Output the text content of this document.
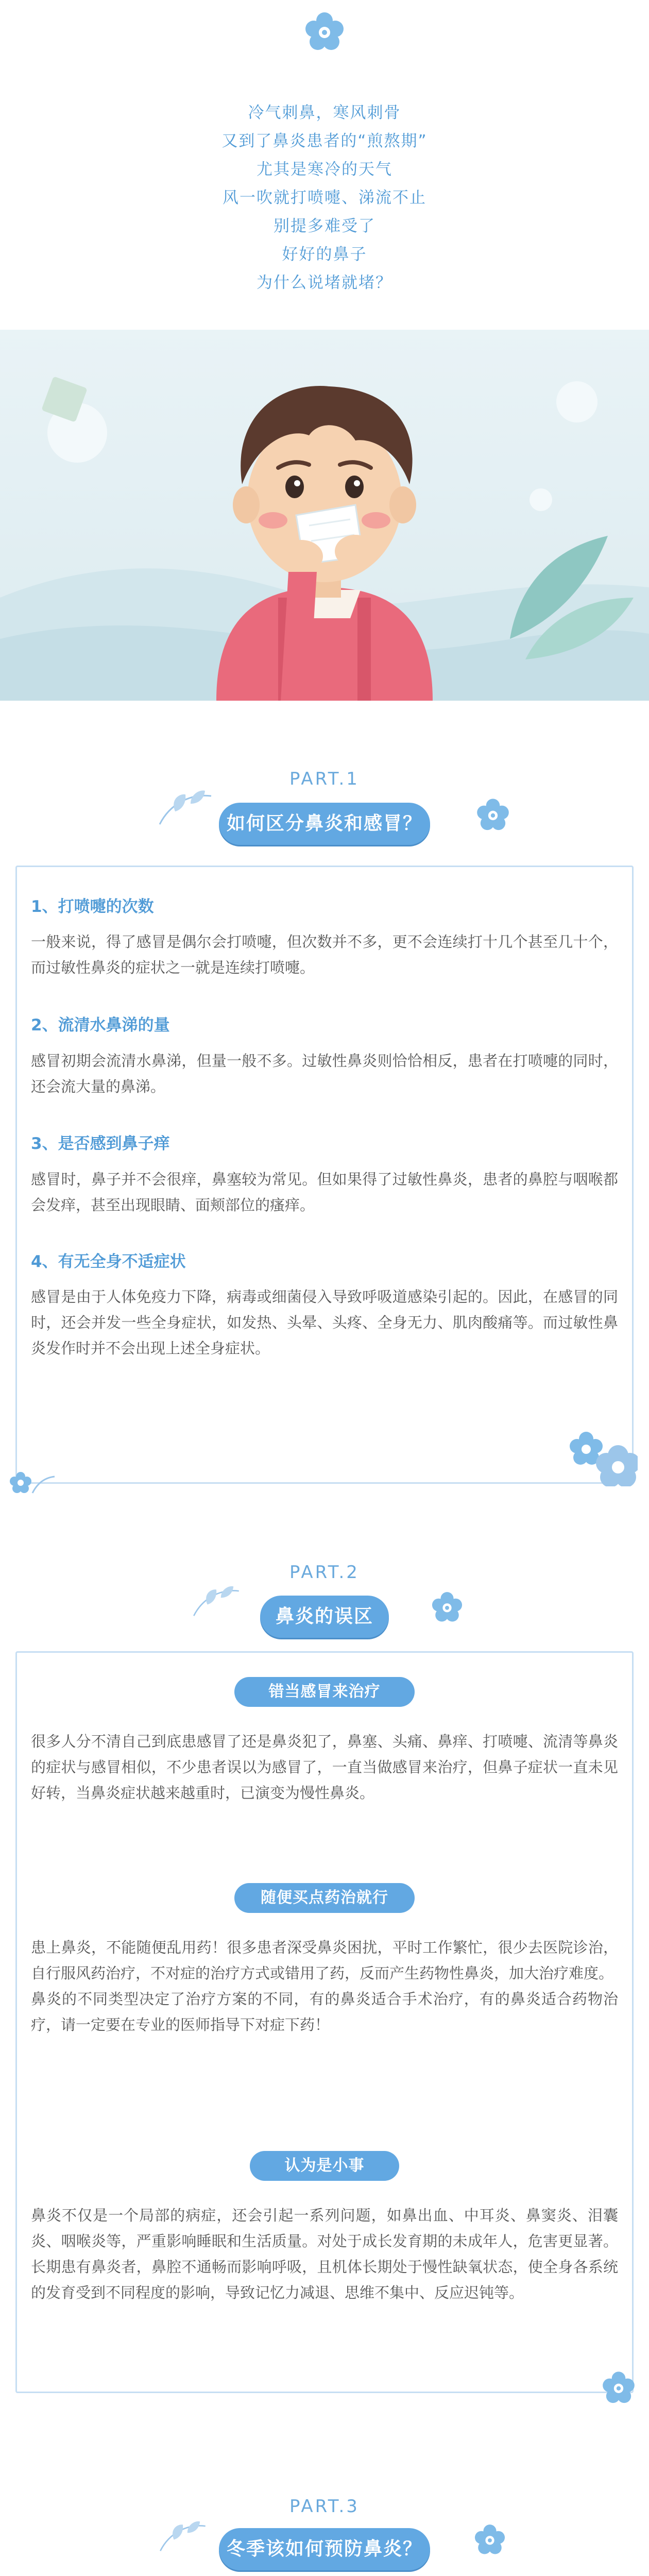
冷气刺鼻，寒风刺骨
又到了鼻炎患者的“煎熬期”
尤其是寒冷的天气
风一吹就打喷嚏、涕流不止
别提多难受了
好好的鼻子
为什么说堵就堵？
PART.1
如何区分鼻炎和感冒？
1、打喷嚏的次数
一般来说，得了感冒是偶尔会打喷嚏，但次数并不多，更不会连续打十几个甚至几十个，而过敏性鼻炎的症状之一就是连续打喷嚏。
2、流清水鼻涕的量
感冒初期会流清水鼻涕，但量一般不多。过敏性鼻炎则恰恰相反，患者在打喷嚏的同时，还会流大量的鼻涕。
3、是否感到鼻子痒
感冒时，鼻子并不会很痒，鼻塞较为常见。但如果得了过敏性鼻炎，患者的鼻腔与咽喉都会发痒，甚至出现眼睛、面颊部位的瘙痒。
4、有无全身不适症状
感冒是由于人体免疫力下降，病毒或细菌侵入导致呼吸道感染引起的。因此，在感冒的同时，还会并发一些全身症状，如发热、头晕、头疼、全身无力、肌肉酸痛等。而过敏性鼻炎发作时并不会出现上述全身症状。
PART.2
鼻炎的误区
错当感冒来治疗
很多人分不清自己到底患感冒了还是鼻炎犯了，鼻塞、头痛、鼻痒、打喷嚏、流清等鼻炎的症状与感冒相似，不少患者误以为感冒了，一直当做感冒来治疗，但鼻子症状一直未见好转，当鼻炎症状越来越重时，已演变为慢性鼻炎。
随便买点药治就行
患上鼻炎，不能随便乱用药！很多患者深受鼻炎困扰，平时工作繁忙，很少去医院诊治，自行服风药治疗，不对症的治疗方式或错用了药，反而产生药物性鼻炎，加大治疗难度。
鼻炎的不同类型决定了治疗方案的不同，有的鼻炎适合手术治疗，有的鼻炎适合药物治疗，请一定要在专业的医师指导下对症下药！
认为是小事
鼻炎不仅是一个局部的病症，还会引起一系列问题，如鼻出血、中耳炎、鼻窦炎、泪囊炎、咽喉炎等，严重影响睡眠和生活质量。对处于成长发育期的未成年人，危害更显著。长期患有鼻炎者，鼻腔不通畅而影响呼吸，且机体长期处于慢性缺氧状态，使全身各系统的发育受到不同程度的影响，导致记忆力减退、思维不集中、反应迟钝等。
PART.3
冬季该如何预防鼻炎？
